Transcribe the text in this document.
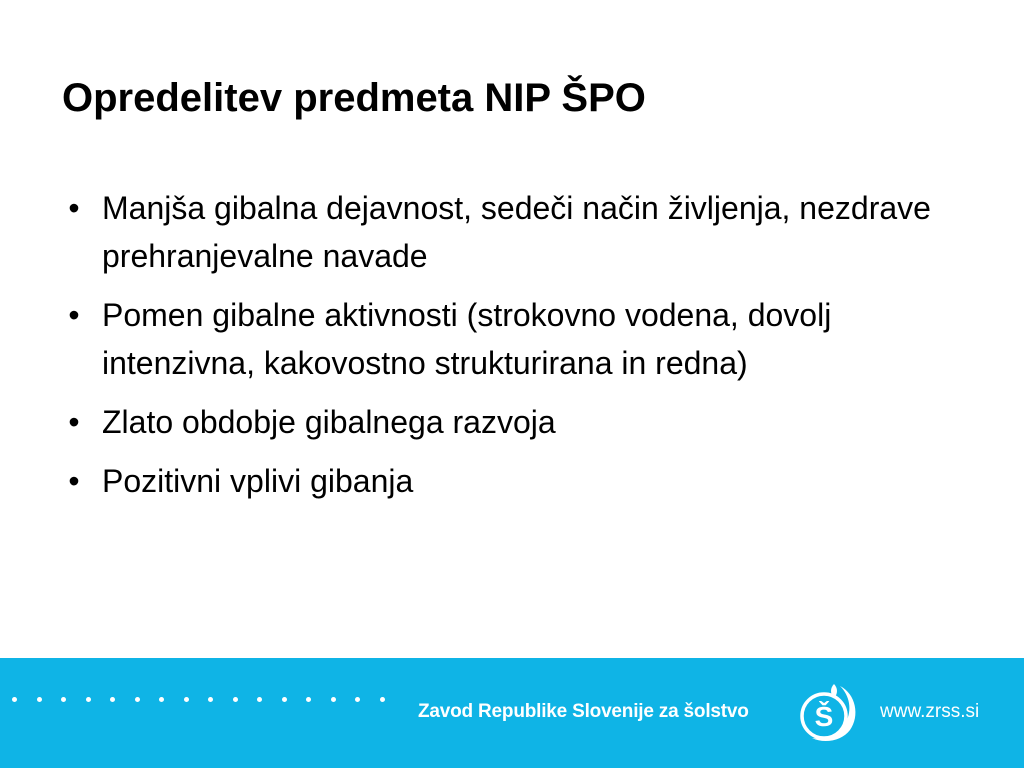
Opredelitev predmeta NIP ŠPO
• Manjša gibalna dejavnost, sedeči način življenja, nezdrave prehranjevalne navade
• Pomen gibalne aktivnosti (strokovno vodena, dovolj intenzivna, kakovostno strukturirana in redna)
• Zlato obdobje gibalnega razvoja
• Pozitivni vplivi gibanja
Zavod Republike Slovenije za šolstvo Š www.zrss.si
